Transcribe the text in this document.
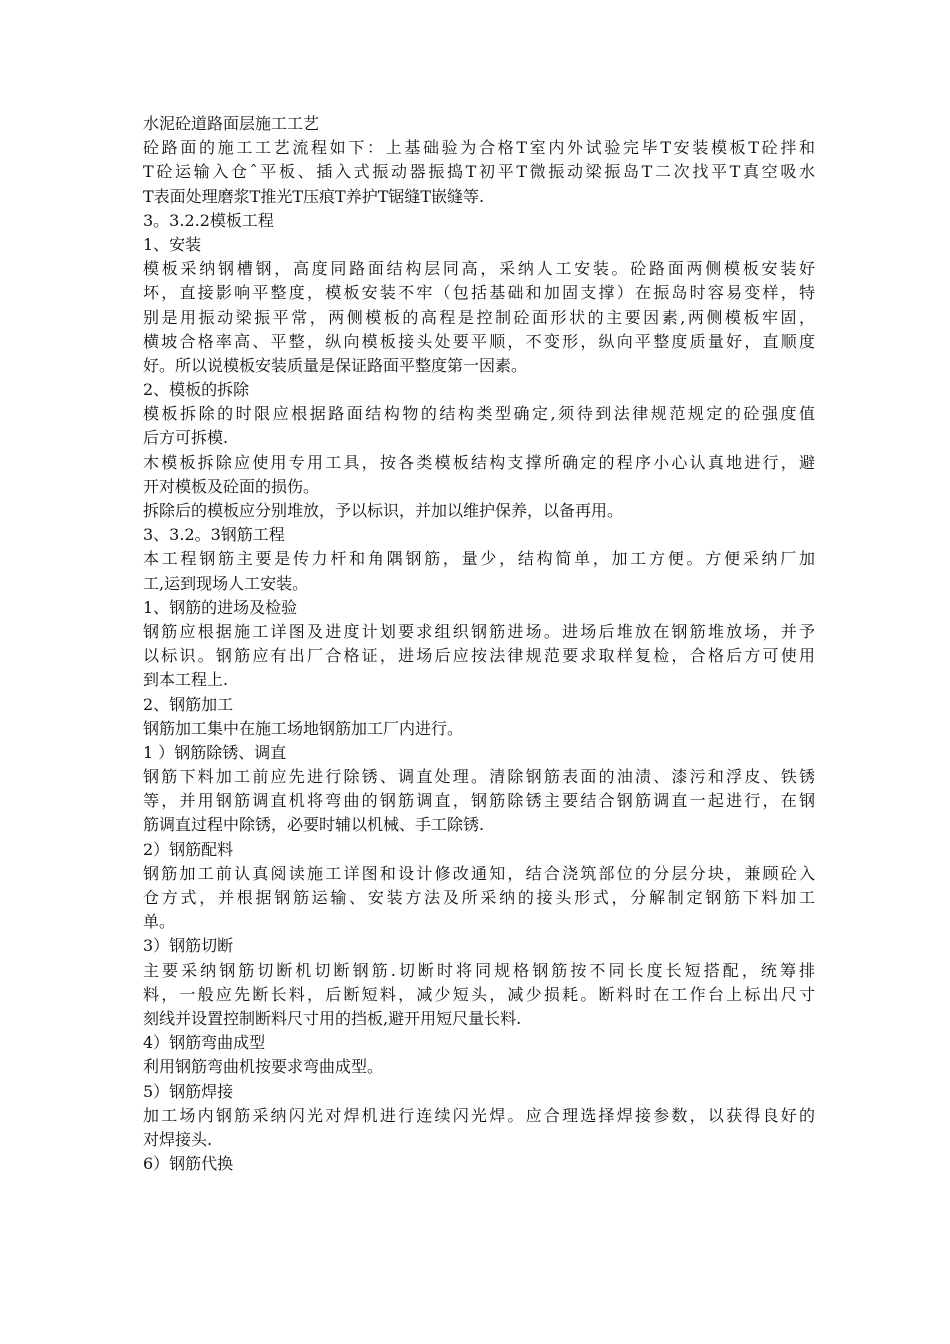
水泥砼道路面层施工工艺
砼路面的施工工艺流程如下：上基础验为合格T室内外试验完毕T安装模板T砼拌和
T砼运输入仓ˆ平板、插入式振动器振捣T初平T微振动梁振岛T二次找平T真空吸水
T表面处理磨浆T推光T压痕T养护T锯缝T嵌缝等.
3。3.2.2模板工程
1、安装
模板采纳钢槽钢，高度同路面结构层同高，采纳人工安装。砼路面两侧模板安装好
坏，直接影响平整度，模板安装不牢（包括基础和加固支撑）在振岛时容易变样，特
别是用振动梁振平常，两侧模板的高程是控制砼面形状的主要因素,两侧模板牢固，
横坡合格率高、平整，纵向模板接头处要平顺，不变形，纵向平整度质量好，直顺度
好。所以说模板安装质量是保证路面平整度第一因素。
2、模板的拆除
模板拆除的时限应根据路面结构物的结构类型确定,须待到法律规范规定的砼强度值
后方可拆模.
木模板拆除应使用专用工具，按各类模板结构支撑所确定的程序小心认真地进行，避
开对模板及砼面的损伤。
拆除后的模板应分别堆放，予以标识，并加以维护保养，以备再用。
3、3.2。3钢筋工程
本工程钢筋主要是传力杆和角隅钢筋，量少，结构简单，加工方便。方便采纳厂加
工,运到现场人工安装。
1、钢筋的进场及检验
钢筋应根据施工详图及进度计划要求组织钢筋进场。进场后堆放在钢筋堆放场，并予
以标识。钢筋应有出厂合格证，进场后应按法律规范要求取样复检，合格后方可使用
到本工程上.
2、钢筋加工
钢筋加工集中在施工场地钢筋加工厂内进行。
1 ）钢筋除锈、调直
钢筋下料加工前应先进行除锈、调直处理。清除钢筋表面的油渍、漆污和浮皮、铁锈
等，并用钢筋调直机将弯曲的钢筋调直，钢筋除锈主要结合钢筋调直一起进行，在钢
筋调直过程中除锈，必要时辅以机械、手工除锈.
2）钢筋配料
钢筋加工前认真阅读施工详图和设计修改通知，结合浇筑部位的分层分块，兼顾砼入
仓方式，并根据钢筋运输、安装方法及所采纳的接头形式，分解制定钢筋下料加工
单。
3）钢筋切断
主要采纳钢筋切断机切断钢筋.切断时将同规格钢筋按不同长度长短搭配，统筹排
料，一般应先断长料，后断短料，减少短头，减少损耗。断料时在工作台上标出尺寸
刻线并设置控制断料尺寸用的挡板,避开用短尺量长料.
4）钢筋弯曲成型
利用钢筋弯曲机按要求弯曲成型。
5）钢筋焊接
加工场内钢筋采纳闪光对焊机进行连续闪光焊。应合理选择焊接参数，以获得良好的
对焊接头.
6）钢筋代换
